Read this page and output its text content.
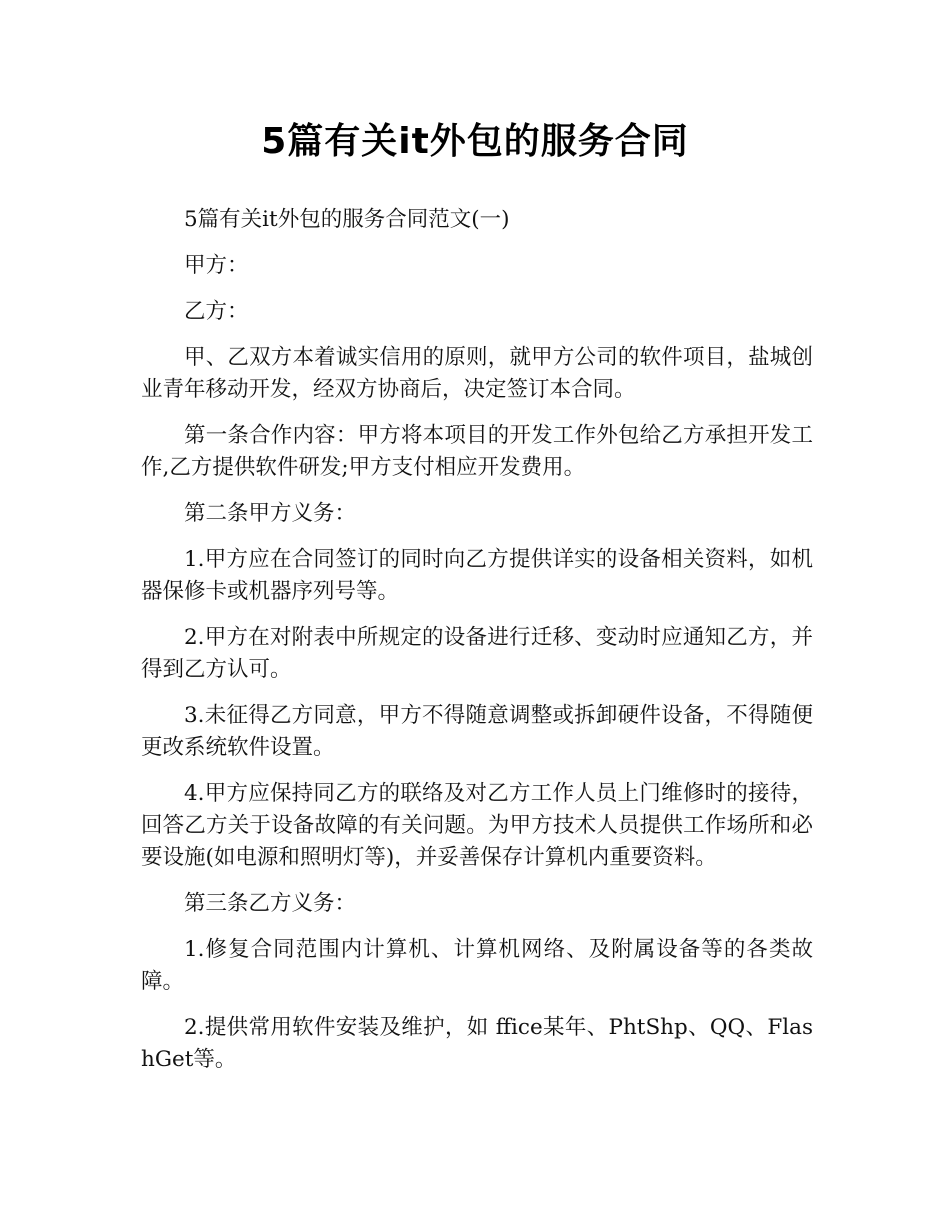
5篇有关it外包的服务合同

5篇有关it外包的服务合同范文(一)

甲方：

乙方：

甲、乙双方本着诚实信用的原则，就甲方公司的软件项目，盐城创业青年移动开发，经双方协商后，决定签订本合同。

第一条合作内容：甲方将本项目的开发工作外包给乙方承担开发工作,乙方提供软件研发;甲方支付相应开发费用。

第二条甲方义务：

1.甲方应在合同签订的同时向乙方提供详实的设备相关资料，如机器保修卡或机器序列号等。

2.甲方在对附表中所规定的设备进行迁移、变动时应通知乙方，并得到乙方认可。

3.未征得乙方同意，甲方不得随意调整或拆卸硬件设备，不得随便更改系统软件设置。

4.甲方应保持同乙方的联络及对乙方工作人员上门维修时的接待，回答乙方关于设备故障的有关问题。为甲方技术人员提供工作场所和必要设施(如电源和照明灯等)，并妥善保存计算机内重要资料。

第三条乙方义务：

1.修复合同范围内计算机、计算机网络、及附属设备等的各类故障。

2.提供常用软件安装及维护，如 ffice某年、PhtShp、QQ、FlashGet等。
